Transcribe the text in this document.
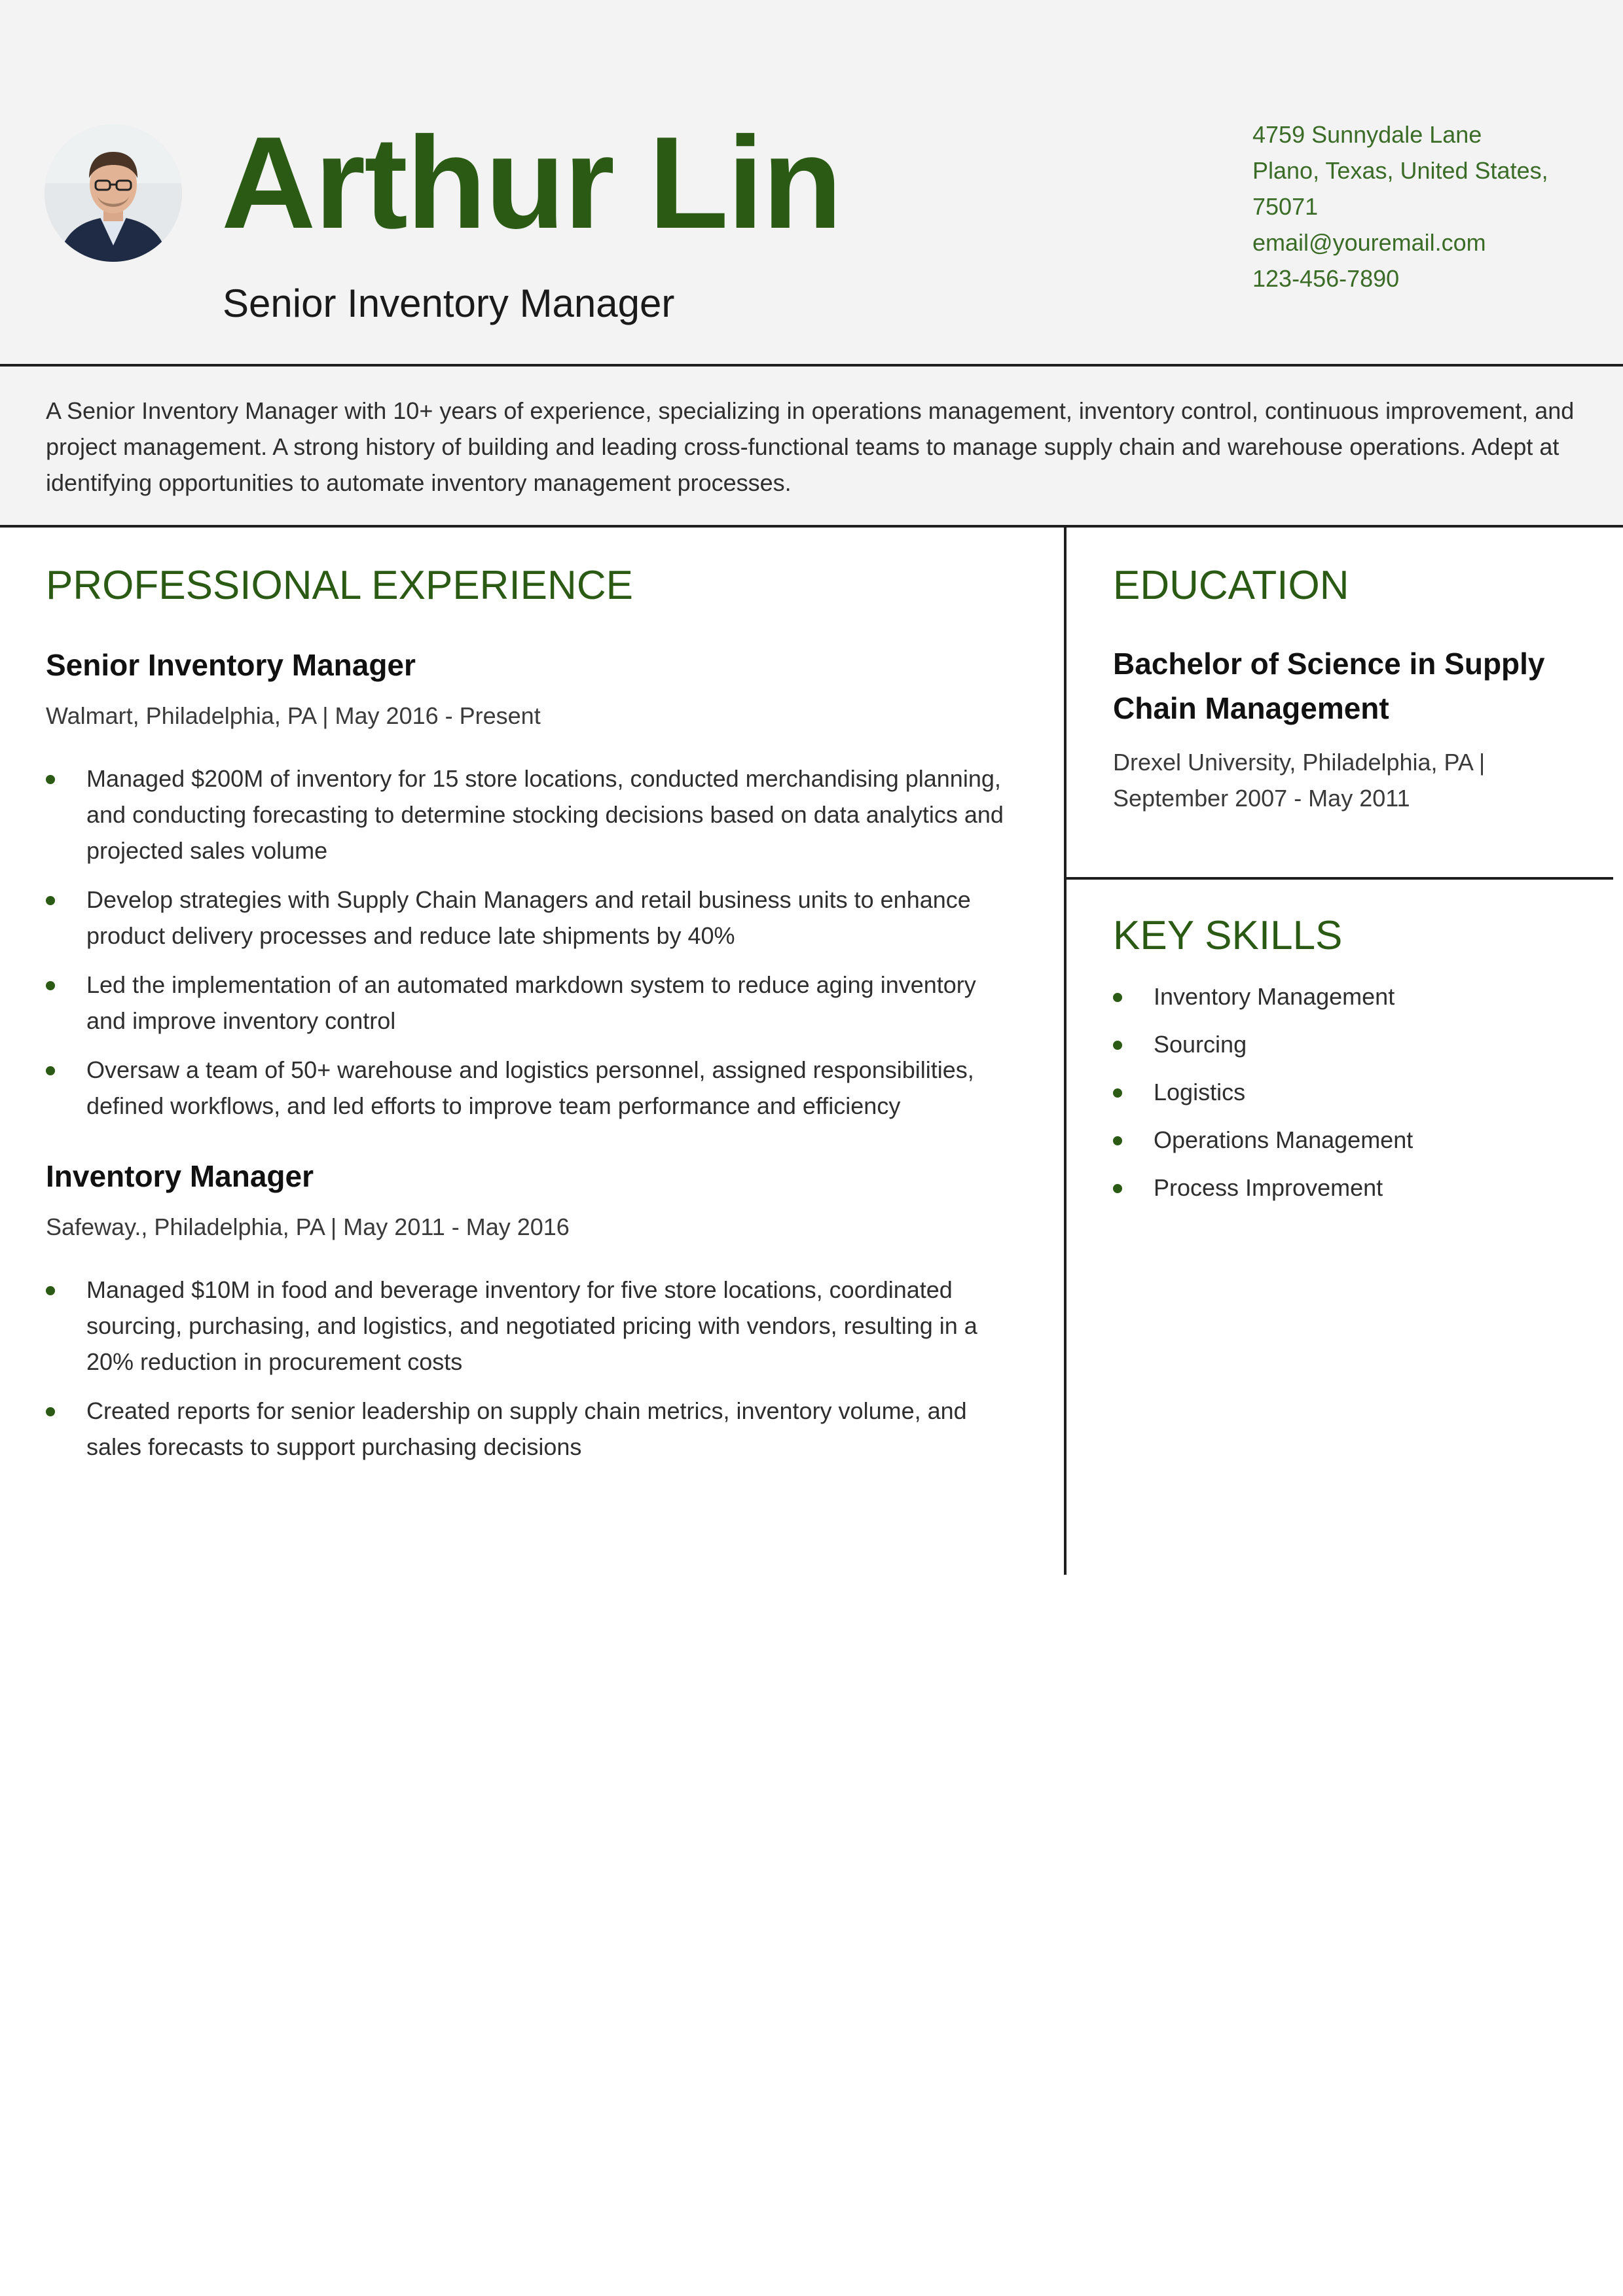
Arthur Lin
Senior Inventory Manager
4759 Sunnydale Lane
Plano, Texas, United States,
75071
email@youremail.com
123-456-7890

A Senior Inventory Manager with 10+ years of experience, specializing in operations management, inventory control, continuous improvement, and project management. A strong history of building and leading cross-functional teams to manage supply chain and warehouse operations. Adept at identifying opportunities to automate inventory management processes.

PROFESSIONAL EXPERIENCE
Senior Inventory Manager
Walmart, Philadelphia, PA | May 2016 - Present
Managed $200M of inventory for 15 store locations, conducted merchandising planning, and conducting forecasting to determine stocking decisions based on data analytics and projected sales volume
Develop strategies with Supply Chain Managers and retail business units to enhance product delivery processes and reduce late shipments by 40%
Led the implementation of an automated markdown system to reduce aging inventory and improve inventory control
Oversaw a team of 50+ warehouse and logistics personnel, assigned responsibilities, defined workflows, and led efforts to improve team performance and efficiency
Inventory Manager
Safeway., Philadelphia, PA | May 2011 - May 2016
Managed $10M in food and beverage inventory for five store locations, coordinated sourcing, purchasing, and logistics, and negotiated pricing with vendors, resulting in a 20% reduction in procurement costs
Created reports for senior leadership on supply chain metrics, inventory volume, and sales forecasts to support purchasing decisions
EDUCATION
Bachelor of Science in Supply Chain Management
Drexel University, Philadelphia, PA | September 2007 - May 2011
KEY SKILLS
Inventory Management
Sourcing
Logistics
Operations Management
Process Improvement
